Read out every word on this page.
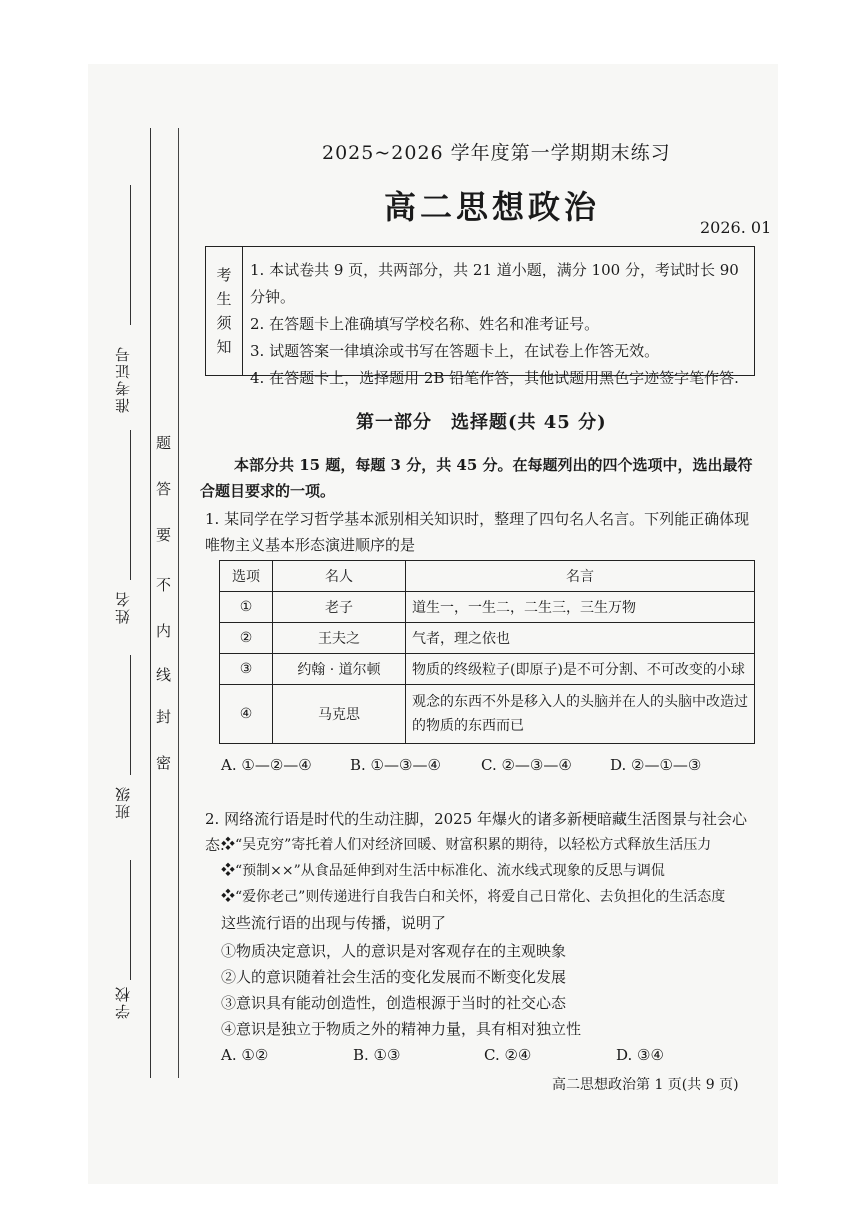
准考证号
姓名
班级
学校
密
封
线
内
不
要
答
题
2025~2026 学年度第一学期期末练习
高二思想政治
2026. 01
考
生
须
知
1. 本试卷共 9 页，共两部分，共 21 道小题，满分 100 分，考试时长 90 分钟。
2. 在答题卡上准确填写学校名称、姓名和准考证号。
3. 试题答案一律填涂或书写在答题卡上，在试卷上作答无效。
4. 在答题卡上，选择题用 2B 铅笔作答，其他试题用黑色字迹签字笔作答.
第一部分　选择题(共 45 分)
本部分共 15 题，每题 3 分，共 45 分。在每题列出的四个选项中，选出最符合题目要求的一项。
1. 某同学在学习哲学基本派别相关知识时，整理了四句名人名言。下列能正确体现唯物主义基本形态演进顺序的是
选项	名人	名言
①	老子	道生一，一生二，二生三，三生万物
②	王夫之	气者，理之依也
③	约翰 · 道尔顿	物质的终级粒子(即原子)是不可分割、不可改变的小球
④	马克思	观念的东西不外是移入人的头脑并在人的头脑中改造过的物质的东西而已
A. ①—②—④	B. ①—③—④	C. ②—③—④	D. ②—①—③
2. 网络流行语是时代的生动注脚，2025 年爆火的诸多新梗暗藏生活图景与社会心态.
❖“吴克穷”寄托着人们对经济回暖、财富积累的期待，以轻松方式释放生活压力
❖“预制××”从食品延伸到对生活中标准化、流水线式现象的反思与调侃
❖“爱你老己”则传递进行自我告白和关怀，将爱自己日常化、去负担化的生活态度
这些流行语的出现与传播，说明了
①物质决定意识，人的意识是对客观存在的主观映象
②人的意识随着社会生活的变化发展而不断变化发展
③意识具有能动创造性，创造根源于当时的社交心态
④意识是独立于物质之外的精神力量，具有相对独立性
A. ①②	B. ①③	C. ②④	D. ③④
高二思想政治第 1 页(共 9 页)
